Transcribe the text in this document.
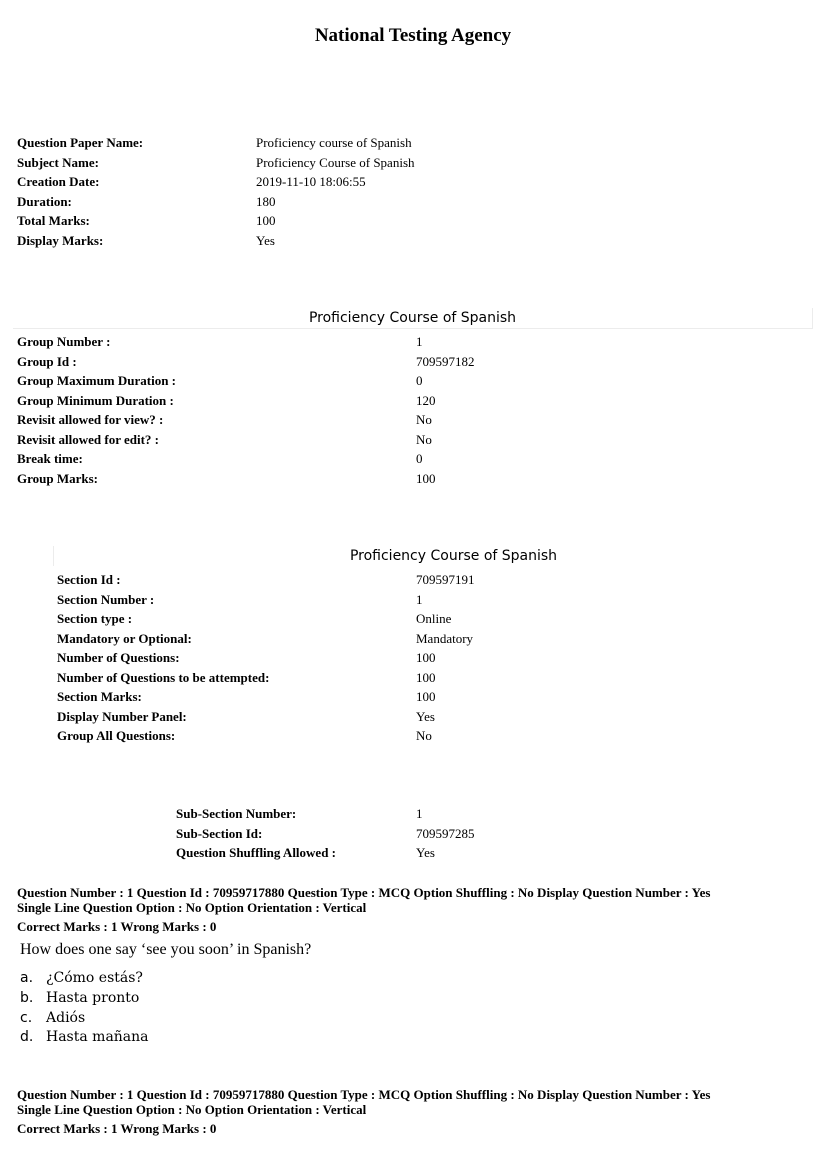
National Testing Agency
Question Paper Name:	Proficiency course of Spanish
Subject Name:	Proficiency Course of Spanish
Creation Date:	2019-11-10 18:06:55
Duration:	180
Total Marks:	100
Display Marks:	Yes
Proficiency Course of Spanish
Group Number :	1
Group Id :	709597182
Group Maximum Duration :	0
Group Minimum Duration :	120
Revisit allowed for view? :	No
Revisit allowed for edit? :	No
Break time:	0
Group Marks:	100
Proficiency Course of Spanish
Section Id :	709597191
Section Number :	1
Section type :	Online
Mandatory or Optional:	Mandatory
Number of Questions:	100
Number of Questions to be attempted:	100
Section Marks:	100
Display Number Panel:	Yes
Group All Questions:	No
Sub-Section Number:	1
Sub-Section Id:	709597285
Question Shuffling Allowed :	Yes
Question Number : 1 Question Id : 70959717880 Question Type : MCQ Option Shuffling : No Display Question Number : Yes
Single Line Question Option : No Option Orientation : Vertical
Correct Marks : 1 Wrong Marks : 0
How does one say ‘see you soon’ in Spanish?
a. ¿Cómo estás?
b. Hasta pronto
c. Adiós
d. Hasta mañana
Question Number : 1 Question Id : 70959717880 Question Type : MCQ Option Shuffling : No Display Question Number : Yes
Single Line Question Option : No Option Orientation : Vertical
Correct Marks : 1 Wrong Marks : 0
